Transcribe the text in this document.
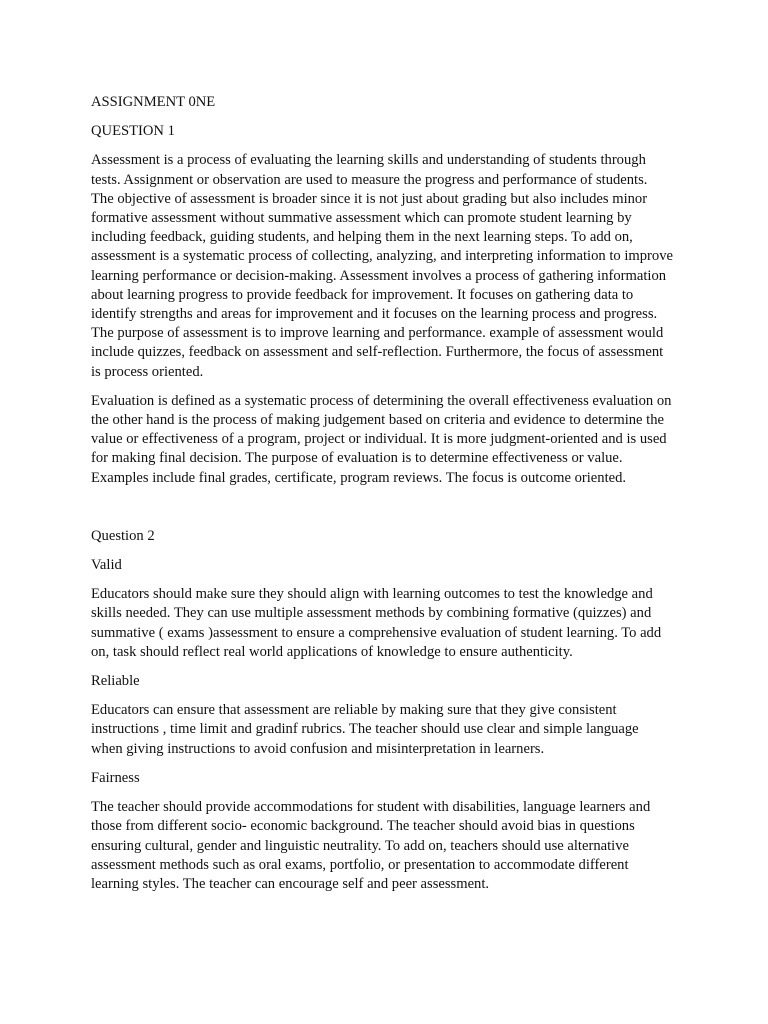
ASSIGNMENT 0NE

QUESTION 1

Assessment is a process of evaluating the learning skills and understanding of students through tests. Assignment or observation are used to measure the progress and performance of students. The objective of assessment is broader since it is not just about grading but also includes minor formative assessment without summative assessment which can promote student learning by including feedback, guiding students, and helping them in the next learning steps. To add on, assessment is a systematic process of collecting, analyzing, and interpreting information to improve learning performance or decision-making. Assessment involves a process of gathering information about learning progress to provide feedback for improvement. It focuses on gathering data to identify strengths and areas for improvement and it focuses on the learning process and progress. The purpose of assessment is to improve learning and performance. example of assessment would include quizzes, feedback on assessment and self-reflection. Furthermore, the focus of assessment is process oriented.

Evaluation is defined as a systematic process of determining the overall effectiveness evaluation on the other hand is the process of making judgement based on criteria and evidence to determine the value or effectiveness of a program, project or individual. It is more judgment-oriented and is used for making final decision. The purpose of evaluation is to determine effectiveness or value. Examples include final grades, certificate, program reviews. The focus is outcome oriented.

Question 2

Valid

Educators should make sure they should align with learning outcomes to test the knowledge and skills needed. They can use multiple assessment methods by combining formative (quizzes) and summative ( exams )assessment to ensure a comprehensive evaluation of student learning. To add on, task should reflect real world applications of knowledge to ensure authenticity.

Reliable

Educators can ensure that assessment are reliable by making sure that they give consistent instructions , time limit and gradinf rubrics. The teacher should use clear and simple language when giving instructions to avoid confusion and misinterpretation in learners.

Fairness

The teacher should provide accommodations for student with disabilities, language learners and those from different socio- economic background. The teacher should avoid bias in questions ensuring cultural, gender and linguistic neutrality. To add on, teachers should use alternative assessment methods such as oral exams, portfolio, or presentation to accommodate different learning styles. The teacher can encourage self and peer assessment.
